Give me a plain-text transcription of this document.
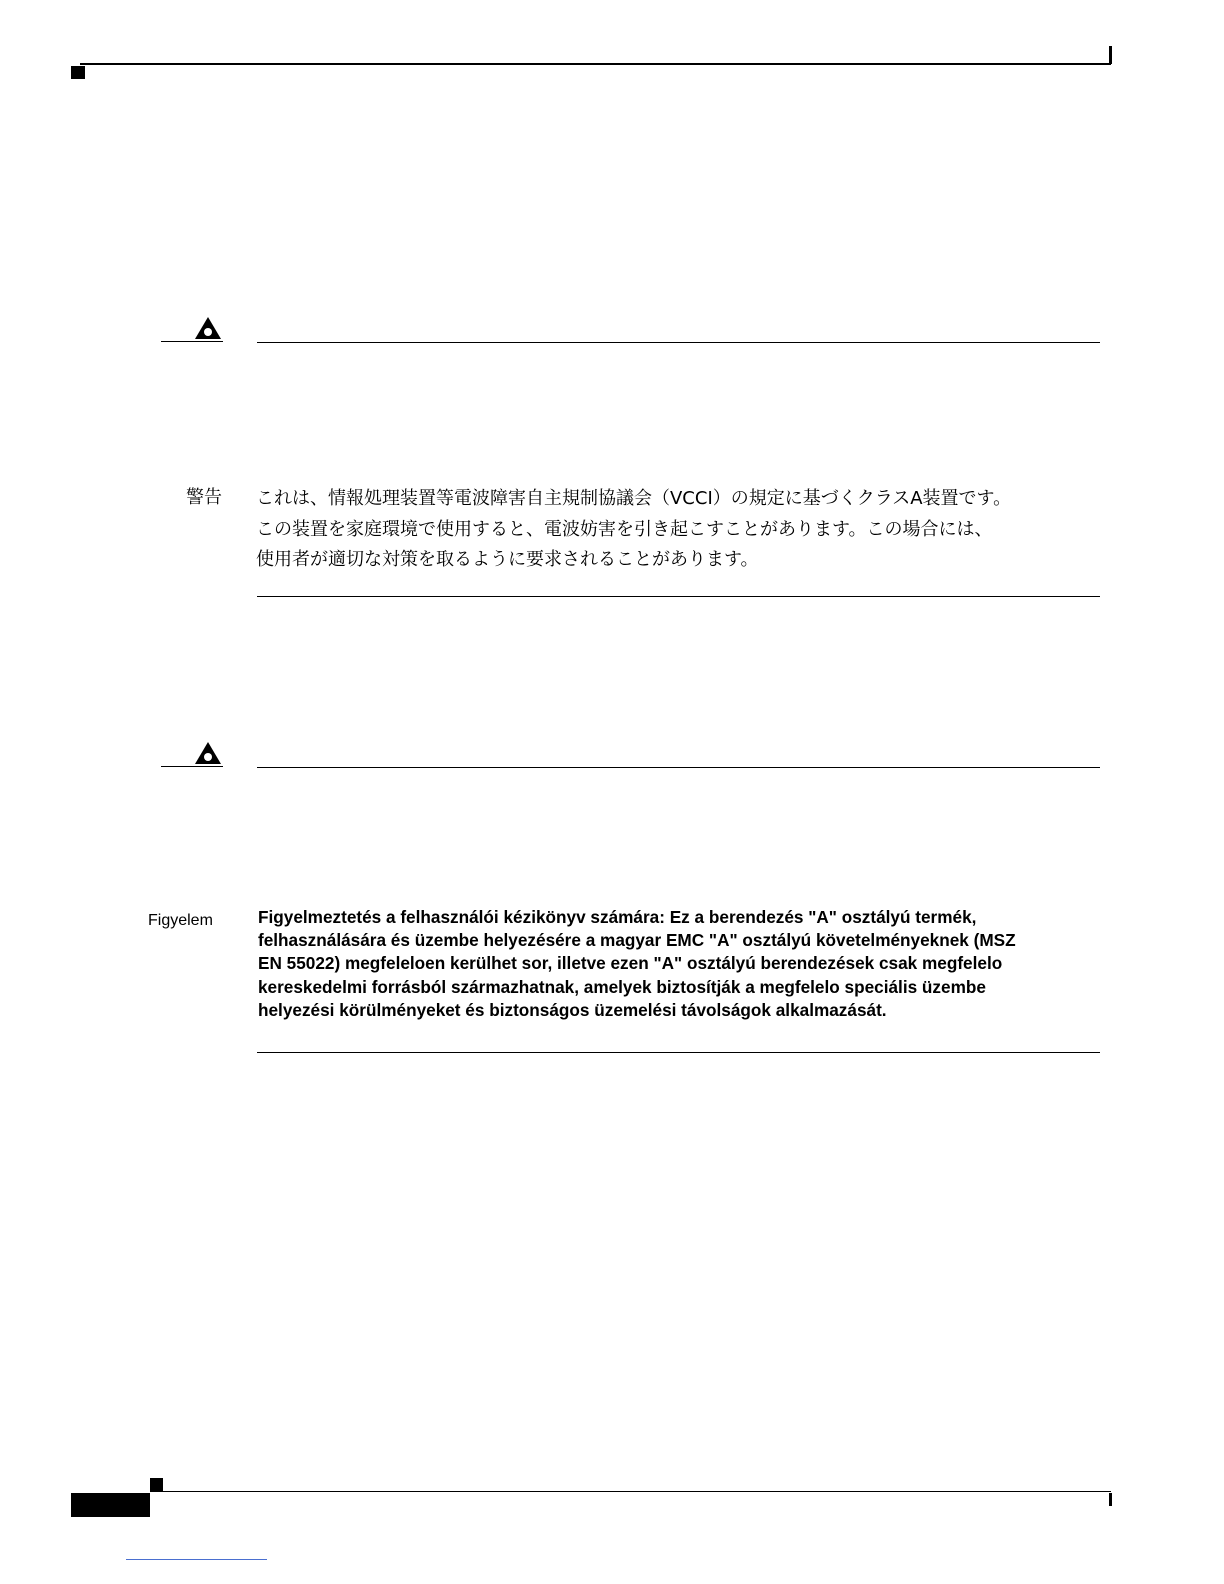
警告 これは、情報処理装置等電波障害自主規制協議会（VCCI）の規定に基づくクラスA装置です。
この装置を家庭環境で使用すると、電波妨害を引き起こすことがあります。この場合には、
使用者が適切な対策を取るように要求されることがあります。
Figyelem	Figyelmeztetés a felhasználói kézikönyv számára: Ez a berendezés "A" osztályú termék,
felhasználására és üzembe helyezésére a magyar EMC "A" osztályú követelményeknek (MSZ
EN 55022) megfeleloen kerülhet sor, illetve ezen "A" osztályú berendezések csak megfelelo
kereskedelmi forrásból származhatnak, amelyek biztosítják a megfelelo speciális üzembe
helyezési körülményeket és biztonságos üzemelési távolságok alkalmazását.
